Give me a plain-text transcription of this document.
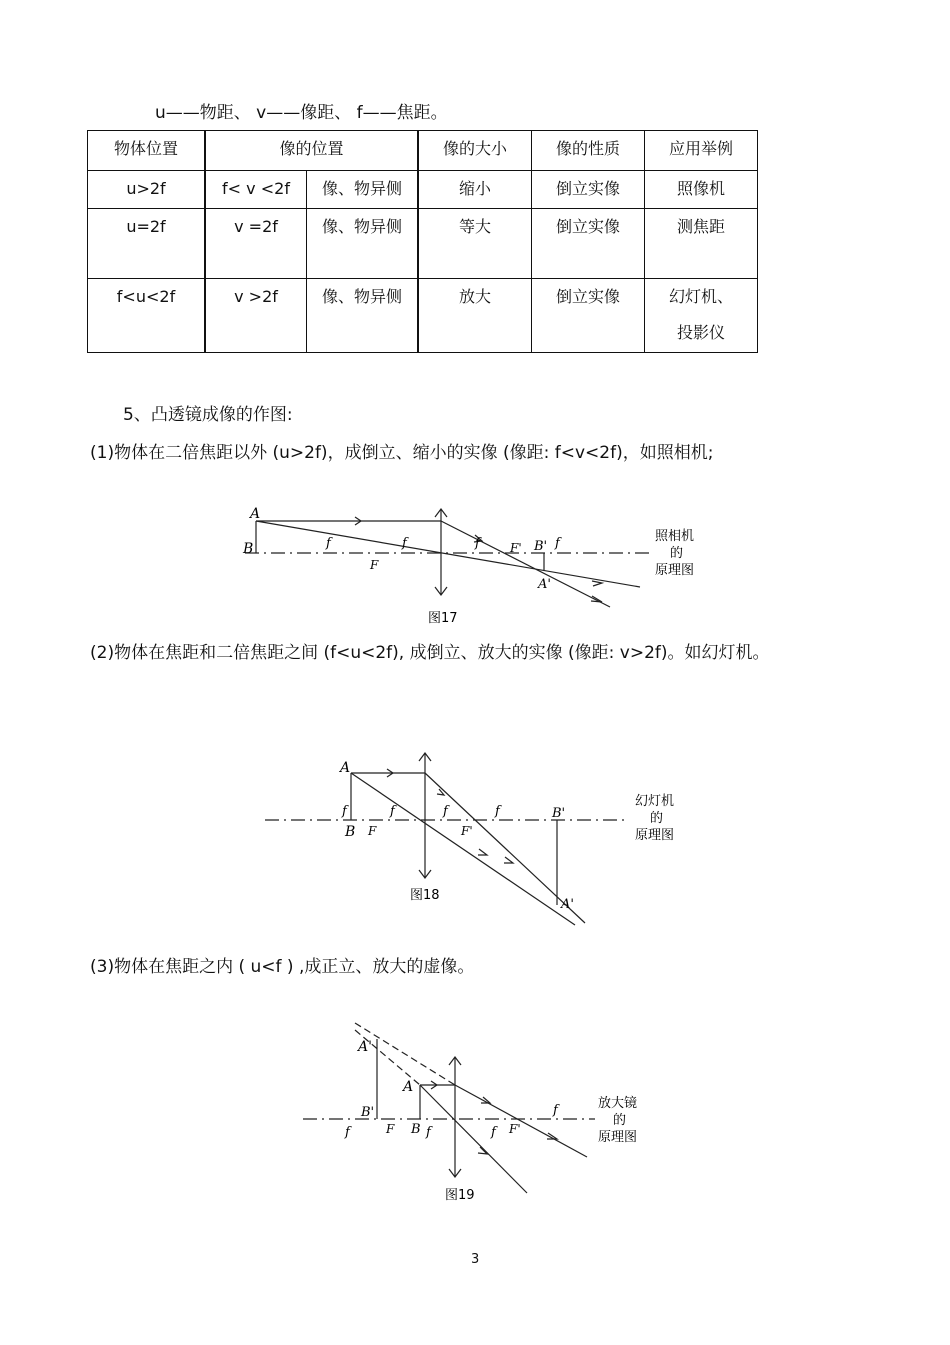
u——物距、 v——像距、 f——焦距。
物体位置	像的位置		像的大小	像的性质	应用举例
u>2f	f< v <2f	像、物异侧	缩小	倒立实像	照像机
u=2f	v =2f	像、物异侧	等大	倒立实像	测焦距
f<u<2f	v >2f	像、物异侧	放大	倒立实像	幻灯机、
投影仪
5、凸透镜成像的作图:
(1)物体在二倍焦距以外 (u>2f)，成倒立、缩小的实像 (像距: f<v<2f)，如照相机;
A
B	f
F
f	f	F' B' f
A'
照相机
的
原理图
图17
(2)物体在焦距和二倍焦距之间 (f<u<2f), 成倒立、放大的实像 (像距: v>2f)。如幻灯机。
A
B
f
F
f	f
F'
f	B'
A'
幻灯机
的
原理图
图18
(3)物体在焦距之内 ( u<f ) ,成正立、放大的虚像。
A'
A
B'
f	F B f	f F'
f	放大镜
的
原理图
图19
3
